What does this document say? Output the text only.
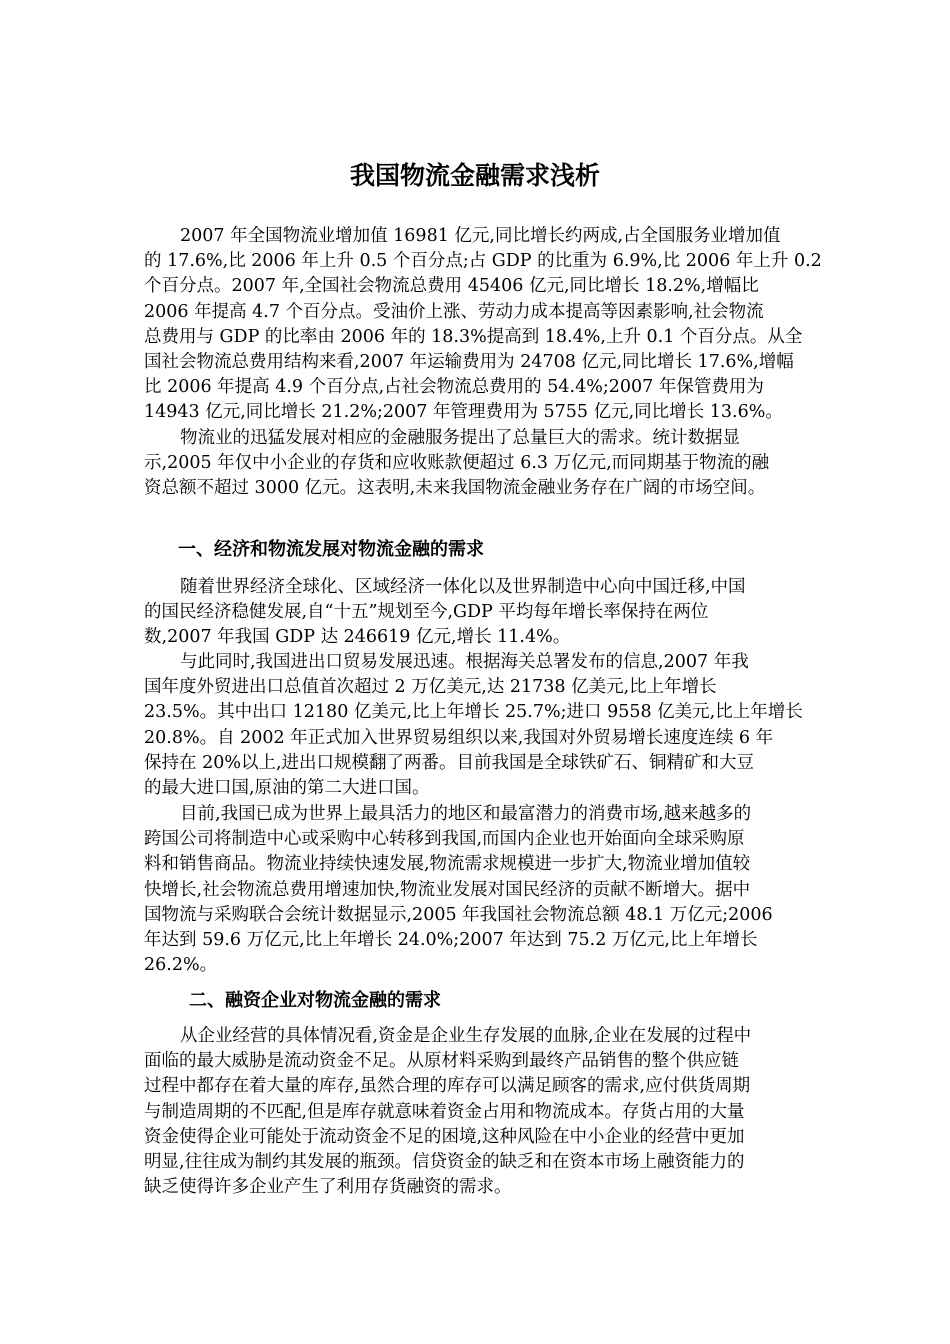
我国物流金融需求浅析
2007 年全国物流业增加值 16981 亿元,同比增长约两成,占全国服务业增加值
的 17.6%,比 2006 年上升 0.5 个百分点;占 GDP 的比重为 6.9%,比 2006 年上升 0.2
个百分点。2007 年,全国社会物流总费用 45406 亿元,同比增长 18.2%,增幅比
2006 年提高 4.7 个百分点。受油价上涨、劳动力成本提高等因素影响,社会物流
总费用与 GDP 的比率由 2006 年的 18.3%提高到 18.4%,上升 0.1 个百分点。从全
国社会物流总费用结构来看,2007 年运输费用为 24708 亿元,同比增长 17.6%,增幅
比 2006 年提高 4.9 个百分点,占社会物流总费用的 54.4%;2007 年保管费用为
14943 亿元,同比增长 21.2%;2007 年管理费用为 5755 亿元,同比增长 13.6%。
物流业的迅猛发展对相应的金融服务提出了总量巨大的需求。统计数据显
示,2005 年仅中小企业的存货和应收账款便超过 6.3 万亿元,而同期基于物流的融
资总额不超过 3000 亿元。这表明,未来我国物流金融业务存在广阔的市场空间。
一、经济和物流发展对物流金融的需求
随着世界经济全球化、区域经济一体化以及世界制造中心向中国迁移,中国
的国民经济稳健发展,自“十五”规划至今,GDP 平均每年增长率保持在两位
数,2007 年我国 GDP 达 246619 亿元,增长 11.4%。
与此同时,我国进出口贸易发展迅速。根据海关总署发布的信息,2007 年我
国年度外贸进出口总值首次超过 2 万亿美元,达 21738 亿美元,比上年增长
23.5%。其中出口 12180 亿美元,比上年增长 25.7%;进口 9558 亿美元,比上年增长
20.8%。自 2002 年正式加入世界贸易组织以来,我国对外贸易增长速度连续 6 年
保持在 20%以上,进出口规模翻了两番。目前我国是全球铁矿石、铜精矿和大豆
的最大进口国,原油的第二大进口国。
目前,我国已成为世界上最具活力的地区和最富潜力的消费市场,越来越多的
跨国公司将制造中心或采购中心转移到我国,而国内企业也开始面向全球采购原
料和销售商品。物流业持续快速发展,物流需求规模进一步扩大,物流业增加值较
快增长,社会物流总费用增速加快,物流业发展对国民经济的贡献不断增大。据中
国物流与采购联合会统计数据显示,2005 年我国社会物流总额 48.1 万亿元;2006
年达到 59.6 万亿元,比上年增长 24.0%;2007 年达到 75.2 万亿元,比上年增长
26.2%。
二、融资企业对物流金融的需求
从企业经营的具体情况看,资金是企业生存发展的血脉,企业在发展的过程中
面临的最大威胁是流动资金不足。从原材料采购到最终产品销售的整个供应链
过程中都存在着大量的库存,虽然合理的库存可以满足顾客的需求,应付供货周期
与制造周期的不匹配,但是库存就意味着资金占用和物流成本。存货占用的大量
资金使得企业可能处于流动资金不足的困境,这种风险在中小企业的经营中更加
明显,往往成为制约其发展的瓶颈。信贷资金的缺乏和在资本市场上融资能力的
缺乏使得许多企业产生了利用存货融资的需求。
